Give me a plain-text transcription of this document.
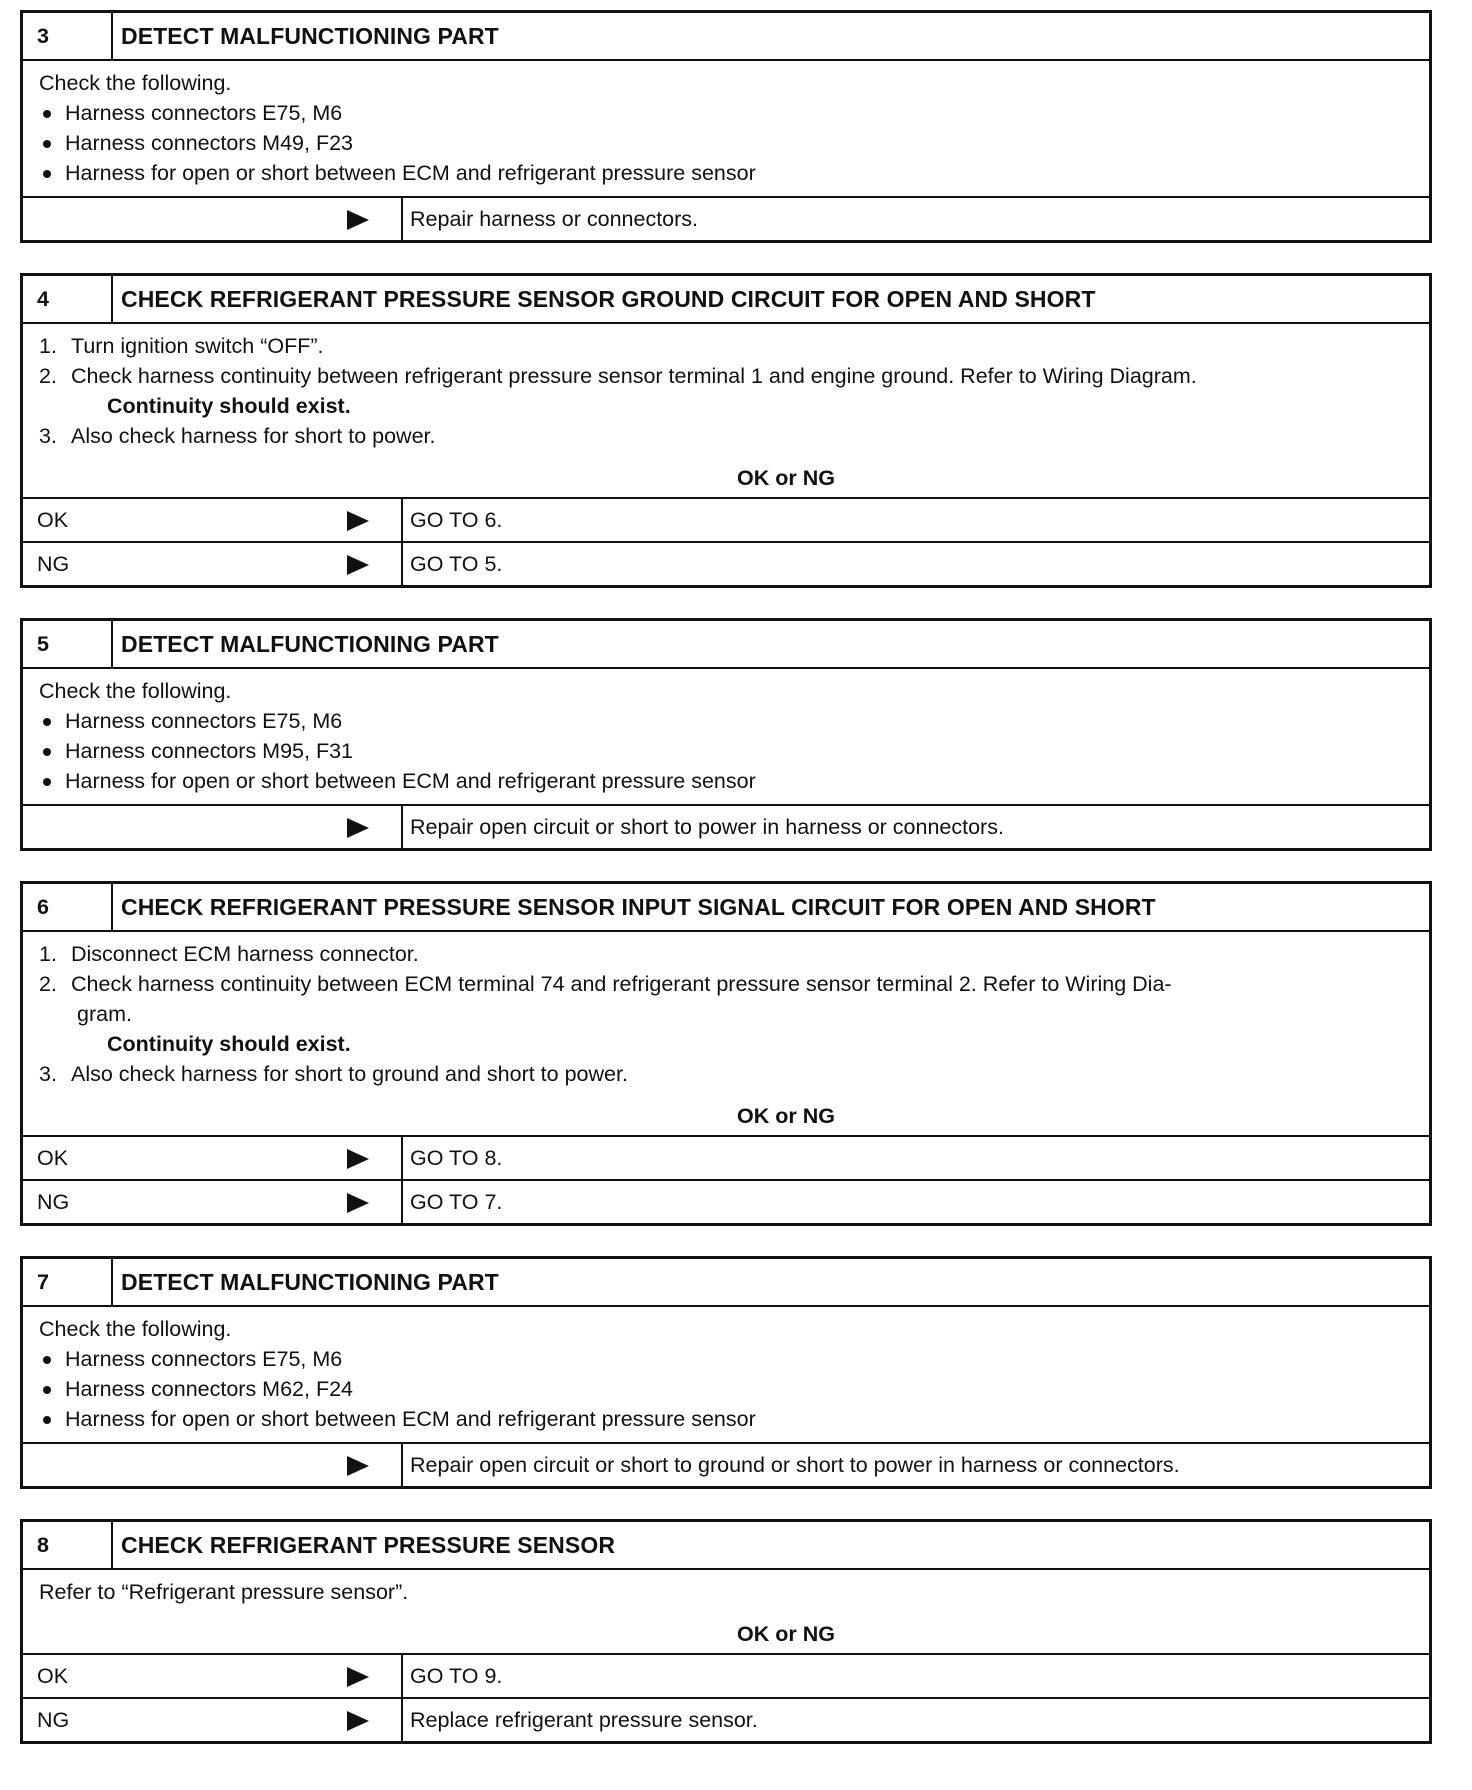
3	DETECT MALFUNCTIONING PART
Check the following.
Harness connectors E75, M6
Harness connectors M49, F23
Harness for open or short between ECM and refrigerant pressure sensor
Repair harness or connectors.
4	CHECK REFRIGERANT PRESSURE SENSOR GROUND CIRCUIT FOR OPEN AND SHORT
1. Turn ignition switch “OFF”.
2. Check harness continuity between refrigerant pressure sensor terminal 1 and engine ground. Refer to Wiring Diagram.
Continuity should exist.
3. Also check harness for short to power.
OK or NG
OK	GO TO 6.
NG	GO TO 5.
5	DETECT MALFUNCTIONING PART
Check the following.
Harness connectors E75, M6
Harness connectors M95, F31
Harness for open or short between ECM and refrigerant pressure sensor
Repair open circuit or short to power in harness or connectors.
6	CHECK REFRIGERANT PRESSURE SENSOR INPUT SIGNAL CIRCUIT FOR OPEN AND SHORT
1. Disconnect ECM harness connector.
2. Check harness continuity between ECM terminal 74 and refrigerant pressure sensor terminal 2. Refer to Wiring Dia-
gram.
Continuity should exist.
3. Also check harness for short to ground and short to power.
OK or NG
OK	GO TO 8.
NG	GO TO 7.
7	DETECT MALFUNCTIONING PART
Check the following.
Harness connectors E75, M6
Harness connectors M62, F24
Harness for open or short between ECM and refrigerant pressure sensor
Repair open circuit or short to ground or short to power in harness or connectors.
8	CHECK REFRIGERANT PRESSURE SENSOR
Refer to “Refrigerant pressure sensor”.
OK or NG
OK	GO TO 9.
NG	Replace refrigerant pressure sensor.
